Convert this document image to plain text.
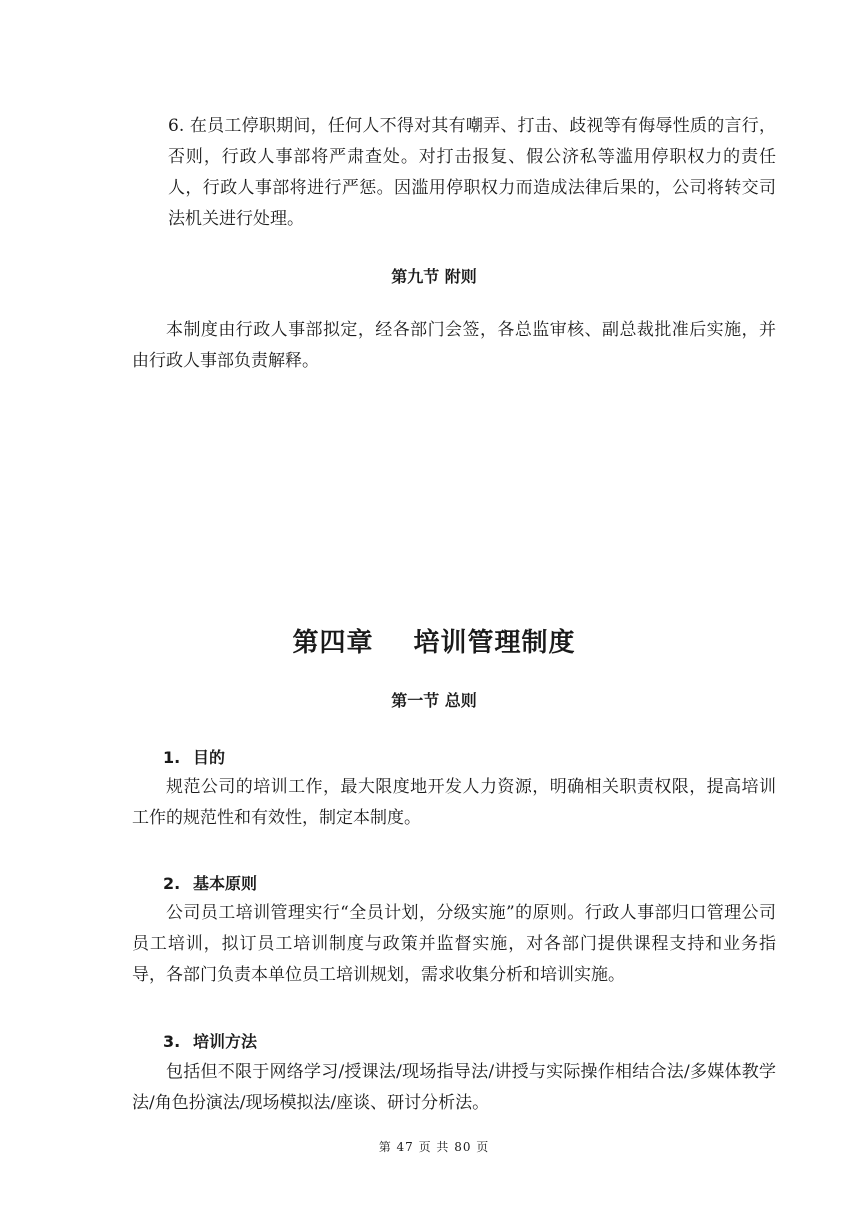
6. 在员工停职期间，任何人不得对其有嘲弄、打击、歧视等有侮辱性质的言行，否则，行政人事部将严肃查处。对打击报复、假公济私等滥用停职权力的责任人，行政人事部将进行严惩。因滥用停职权力而造成法律后果的，公司将转交司法机关进行处理。

第九节 附则

本制度由行政人事部拟定，经各部门会签，各总监审核、副总裁批准后实施，并由行政人事部负责解释。

第四章 培训管理制度
第一节 总则
1. 目的

规范公司的培训工作，最大限度地开发人力资源，明确相关职责权限，提高培训工作的规范性和有效性，制定本制度。

2. 基本原则

公司员工培训管理实行“全员计划，分级实施”的原则。行政人事部归口管理公司员工培训，拟订员工培训制度与政策并监督实施，对各部门提供课程支持和业务指导，各部门负责本单位员工培训规划，需求收集分析和培训实施。

3. 培训方法

包括但不限于网络学习/授课法/现场指导法/讲授与实际操作相结合法/多媒体教学法/角色扮演法/现场模拟法/座谈、研讨分析法。

第 47 页 共 80 页
